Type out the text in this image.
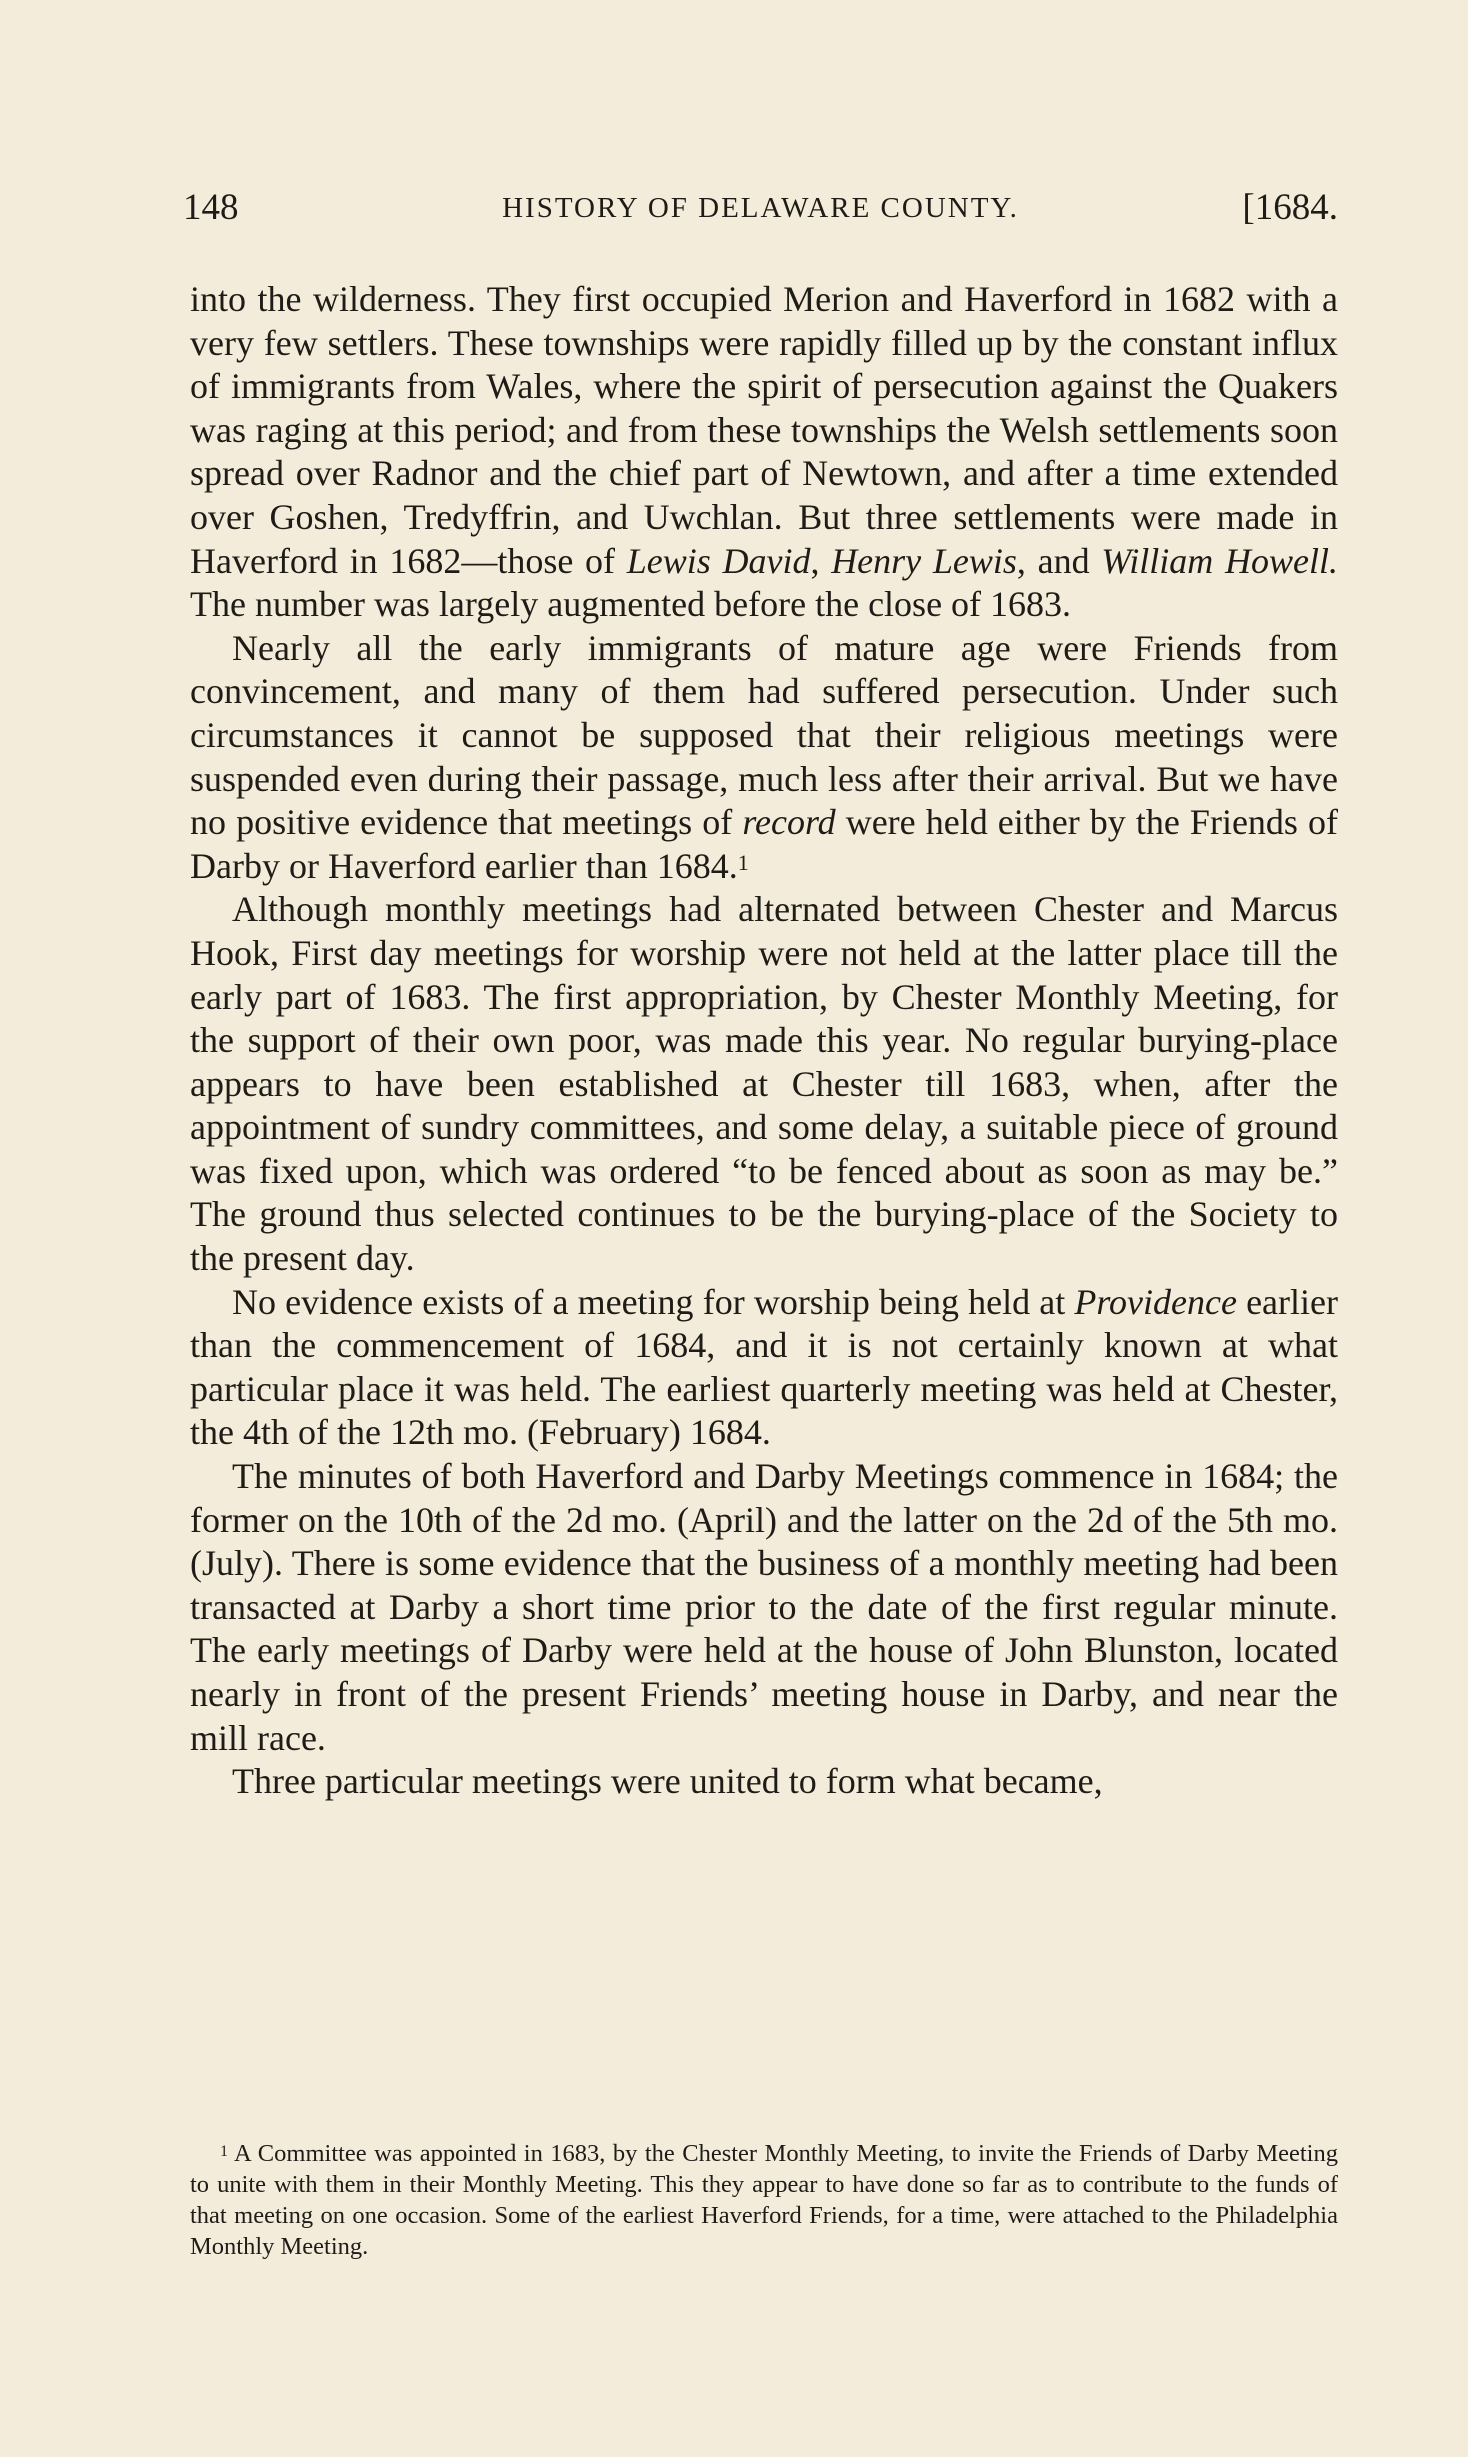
148	HISTORY OF DELAWARE COUNTY.	[1684.

into the wilderness. They first occupied Merion and Haverford in 1682 with a very few settlers. These townships were rapidly filled up by the constant influx of immigrants from Wales, where the spirit of persecution against the Quakers was raging at this period; and from these townships the Welsh settlements soon spread over Radnor and the chief part of Newtown, and after a time extended over Goshen, Tredyffrin, and Uwchlan. But three settlements were made in Haverford in 1682—those of Lewis David, Henry Lewis, and William Howell. The number was largely augmented before the close of 1683.

Nearly all the early immigrants of mature age were Friends from convincement, and many of them had suffered persecution. Under such circumstances it cannot be supposed that their religious meetings were suspended even during their passage, much less after their arrival. But we have no positive evidence that meetings of record were held either by the Friends of Darby or Haverford earlier than 1684.$^1$

Although monthly meetings had alternated between Chester and Marcus Hook, First day meetings for worship were not held at the latter place till the early part of 1683. The first appropriation, by Chester Monthly Meeting, for the support of their own poor, was made this year. No regular burying-place appears to have been established at Chester till 1683, when, after the appointment of sundry committees, and some delay, a suitable piece of ground was fixed upon, which was ordered “to be fenced about as soon as may be.” The ground thus selected continues to be the burying-place of the Society to the present day.

No evidence exists of a meeting for worship being held at Providence earlier than the commencement of 1684, and it is not certainly known at what particular place it was held. The earliest quarterly meeting was held at Chester, the 4th of the 12th mo. (February) 1684.

The minutes of both Haverford and Darby Meetings commence in 1684; the former on the 10th of the 2d mo. (April) and the latter on the 2d of the 5th mo. (July). There is some evidence that the business of a monthly meeting had been transacted at Darby a short time prior to the date of the first regular minute. The early meetings of Darby were held at the house of John Blunston, located nearly in front of the present Friends’ meeting house in Darby, and near the mill race.

Three particular meetings were united to form what became,

$^1$ A Committee was appointed in 1683, by the Chester Monthly Meeting, to invite the Friends of Darby Meeting to unite with them in their Monthly Meeting. This they appear to have done so far as to contribute to the funds of that meeting on one occasion. Some of the earliest Haverford Friends, for a time, were attached to the Philadelphia Monthly Meeting.
